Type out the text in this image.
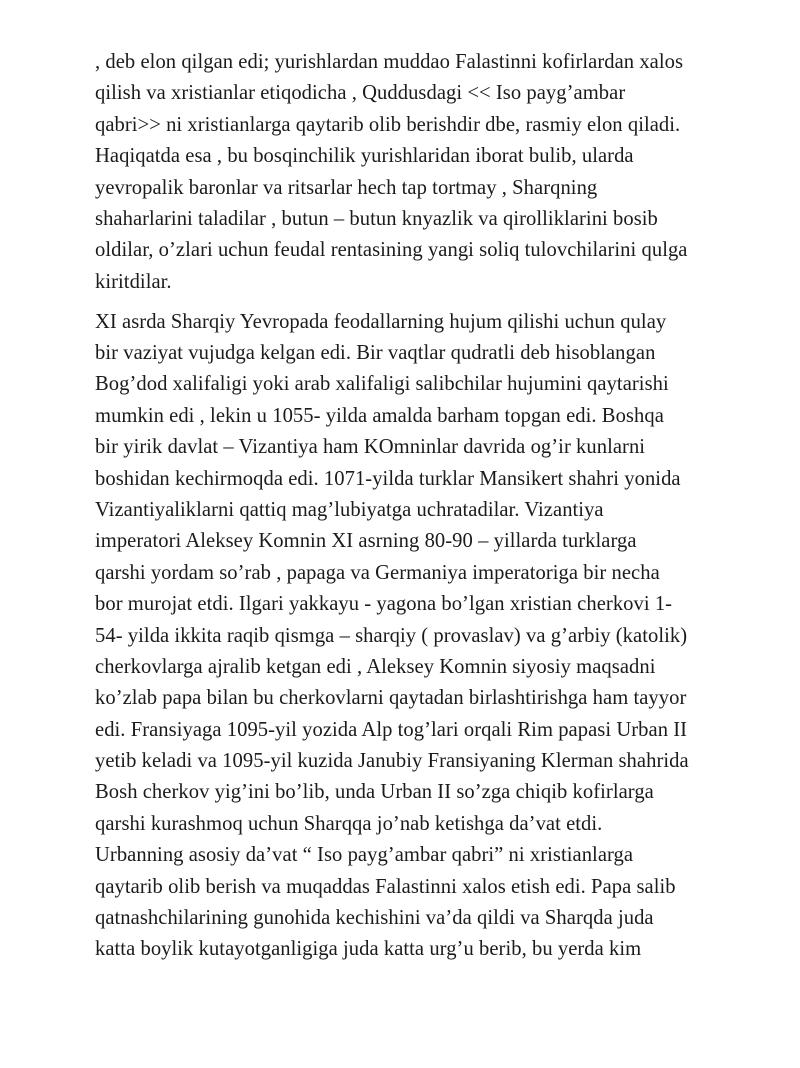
, deb elon qilgan edi; yurishlardan muddao Falastinni kofirlardan xalos
qilish va xristianlar etiqodicha , Quddusdagi << Iso payg’ambar
qabri>> ni xristianlarga qaytarib olib berishdir dbe, rasmiy elon qiladi.
Haqiqatda esa , bu bosqinchilik yurishlaridan iborat bulib, ularda
yevropalik baronlar va ritsarlar hech tap tortmay , Sharqning
shaharlarini taladilar , butun – butun knyazlik va qirolliklarini bosib
oldilar, o’zlari uchun feudal rentasining yangi soliq tulovchilarini qulga
kiritdilar.
XI asrda Sharqiy Yevropada feodallarning hujum qilishi uchun qulay
bir vaziyat vujudga kelgan edi. Bir vaqtlar qudratli deb hisoblangan
Bog’dod xalifaligi yoki arab xalifaligi salibchilar hujumini qaytarishi
mumkin edi , lekin u 1055- yilda amalda barham topgan edi. Boshqa
bir yirik davlat – Vizantiya ham KOmninlar davrida og’ir kunlarni
boshidan kechirmoqda edi. 1071-yilda turklar Mansikert shahri yonida
Vizantiyaliklarni qattiq mag’lubiyatga uchratadilar. Vizantiya
imperatori Aleksey Komnin XI asrning 80-90 – yillarda turklarga
qarshi yordam so’rab , papaga va Germaniya imperatoriga bir necha
bor murojat etdi. Ilgari yakkayu - yagona bo’lgan xristian cherkovi 1-
54- yilda ikkita raqib qismga – sharqiy ( provaslav) va g’arbiy (katolik)
cherkovlarga ajralib ketgan edi , Aleksey Komnin siyosiy maqsadni
ko’zlab papa bilan bu cherkovlarni qaytadan birlashtirishga ham tayyor
edi. Fransiyaga 1095-yil yozida Alp tog’lari orqali Rim papasi Urban II
yetib keladi va 1095-yil kuzida Janubiy Fransiyaning Klerman shahrida
Bosh cherkov yig’ini bo’lib, unda Urban II so’zga chiqib kofirlarga
qarshi kurashmoq uchun Sharqqa jo’nab ketishga da’vat etdi.
Urbanning asosiy da’vat “ Iso payg’ambar qabri” ni xristianlarga
qaytarib olib berish va muqaddas Falastinni xalos etish edi. Papa salib
qatnashchilarining gunohida kechishini va’da qildi va Sharqda juda
katta boylik kutayotganligiga juda katta urg’u berib, bu yerda kim
